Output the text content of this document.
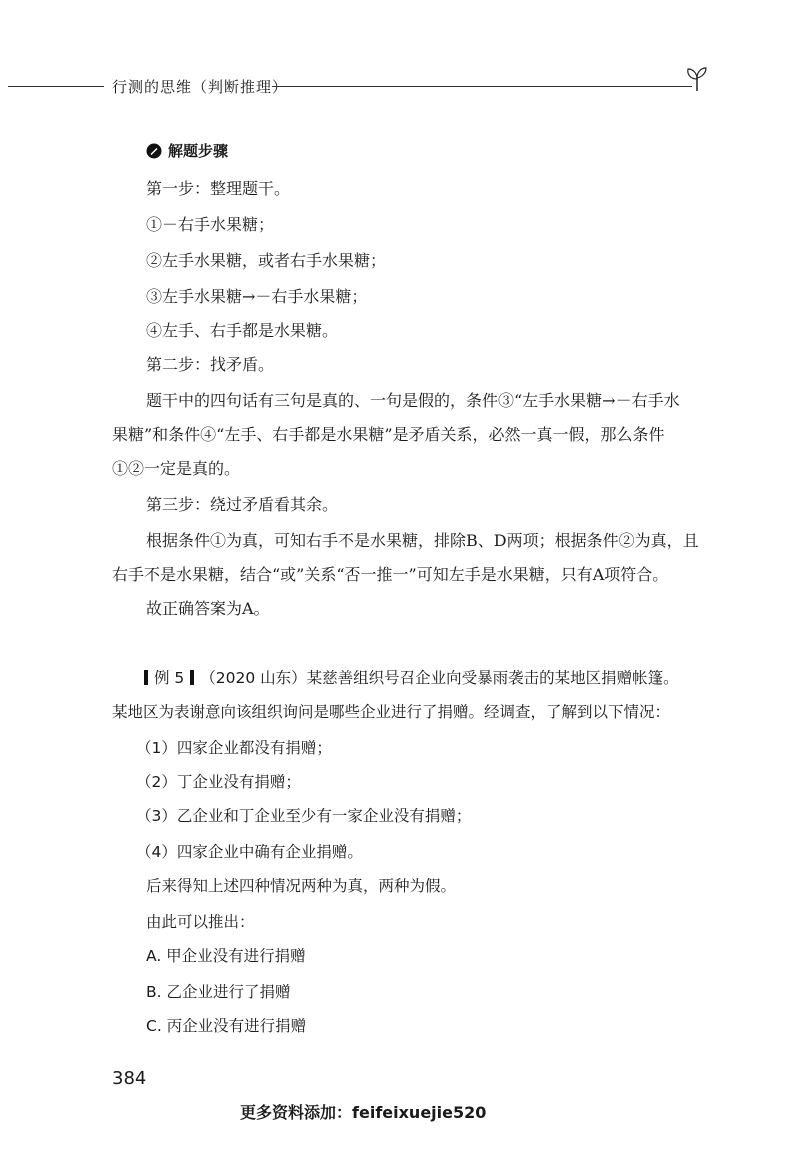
行测的思维（判断推理）
解题步骤
第一步：整理题干。
①－右手水果糖；
②左手水果糖，或者右手水果糖；
③左手水果糖→－右手水果糖；
④左手、右手都是水果糖。
第二步：找矛盾。
题干中的四句话有三句是真的、一句是假的，条件③“左手水果糖→－右手水
果糖”和条件④“左手、右手都是水果糖”是矛盾关系，必然一真一假，那么条件
①②一定是真的。
第三步：绕过矛盾看其余。
根据条件①为真，可知右手不是水果糖，排除B、D两项；根据条件②为真，且
右手不是水果糖，结合“或”关系“否一推一”可知左手是水果糖，只有A项符合。
故正确答案为A。
例 5 （2020 山东）某慈善组织号召企业向受暴雨袭击的某地区捐赠帐篷。
某地区为表谢意向该组织询问是哪些企业进行了捐赠。经调查，了解到以下情况：
（1）四家企业都没有捐赠；
（2）丁企业没有捐赠；
（3）乙企业和丁企业至少有一家企业没有捐赠；
（4）四家企业中确有企业捐赠。
后来得知上述四种情况两种为真，两种为假。
由此可以推出：
A. 甲企业没有进行捐赠
B. 乙企业进行了捐赠
C. 丙企业没有进行捐赠
384
更多资料添加：feifeixuejie520
